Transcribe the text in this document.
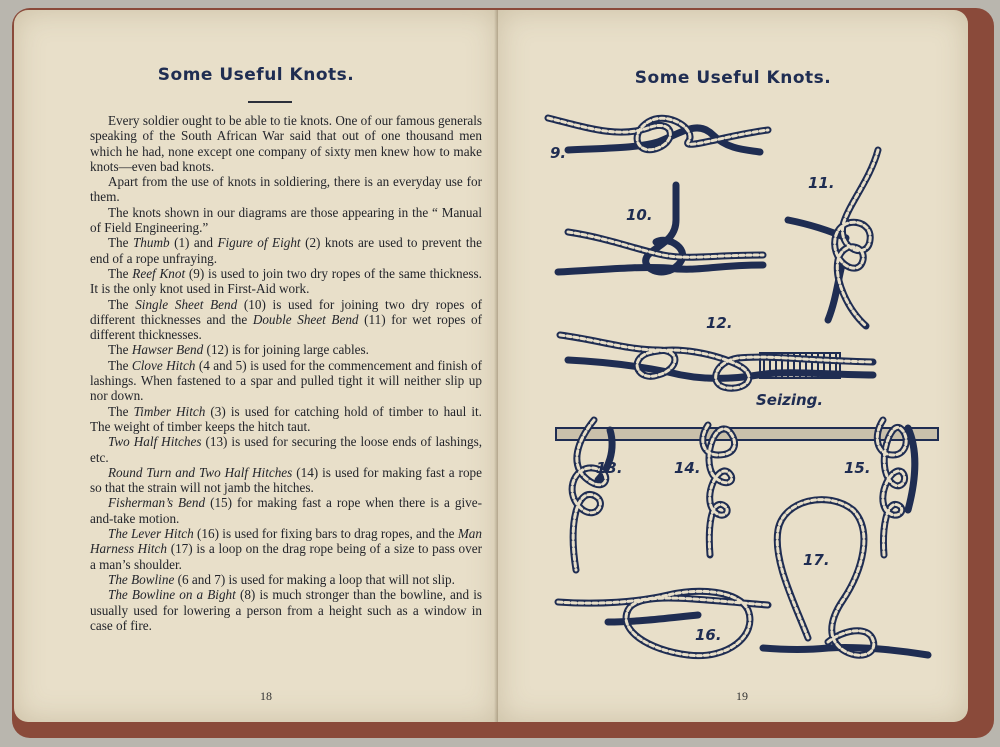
Some Useful Knots.

Every soldier ought to be able to tie knots. One of our famous generals speaking of the South African War said that out of one thousand men which he had, none except one company of sixty men knew how to make knots—even bad knots.

Apart from the use of knots in soldiering, there is an everyday use for them.

The knots shown in our diagrams are those appearing in the “ Manual of Field Engineering.”

The Thumb (1) and Figure of Eight (2) knots are used to prevent the end of a rope unfraying.

The Reef Knot (9) is used to join two dry ropes of the same thickness. It is the only knot used in First-Aid work.

The Single Sheet Bend (10) is used for joining two dry ropes of different thicknesses and the Double Sheet Bend (11) for wet ropes of different thicknesses.

The Hawser Bend (12) is for joining large cables.

The Clove Hitch (4 and 5) is used for the commencement and finish of lashings. When fastened to a spar and pulled tight it will neither slip up nor down.

The Timber Hitch (3) is used for catching hold of timber to haul it. The weight of timber keeps the hitch taut.

Two Half Hitches (13) is used for securing the loose ends of lashings, etc.

Round Turn and Two Half Hitches (14) is used for making fast a rope so that the strain will not jamb the hitches.

Fisherman’s Bend (15) for making fast a rope when there is a give-and-take motion.

The Lever Hitch (16) is used for fixing bars to drag ropes, and the Man Harness Hitch (17) is a loop on the drag rope being of a size to pass over a man’s shoulder.

The Bowline (6 and 7) is used for making a loop that will not slip.

The Bowline on a Bight (8) is much stronger than the bowline, and is usually used for lowering a person from a height such as a window in case of fire.

18
Some Useful Knots.
9.
10.
11.
12.
Seizing.
13.	14.	15.
16.
17.
19
